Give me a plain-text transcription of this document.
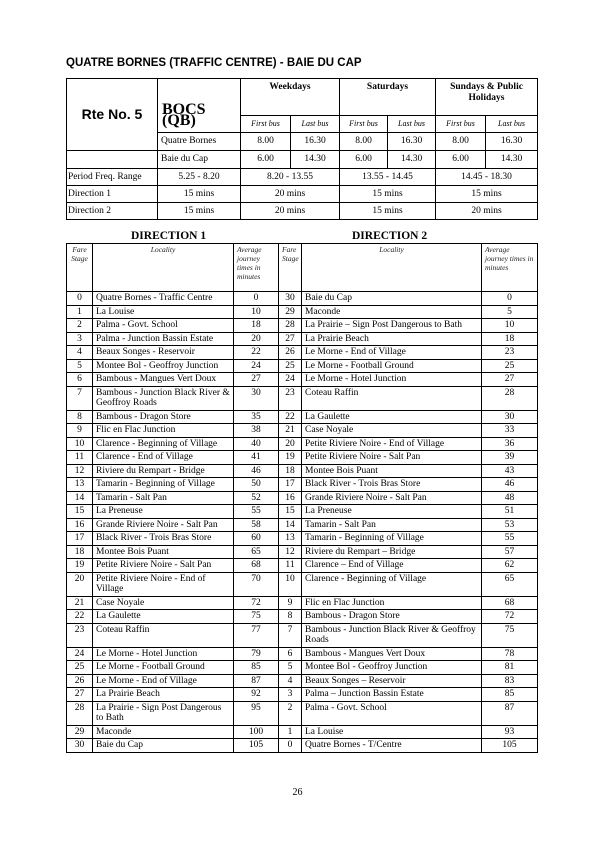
QUATRE BORNES (TRAFFIC CENTRE) - BAIE DU CAP
Rte No. 5	BOCS (QB)	Weekdays		Saturdays		Sundays & Public Holidays	
		First bus	Last bus	First bus	Last bus	First bus	Last bus
	Quatre Bornes	8.00	16.30	8.00	16.30	8.00	16.30
	Baie du Cap	6.00	14.30	6.00	14.30	6.00	14.30
Period Freq. Range	5.25 - 8.20	8.20 - 13.55		13.55 - 14.45		14.45 - 18.30	
Direction 1	15 mins	20 mins		15 mins		15 mins	
Direction 2	15 mins	20 mins		15 mins		20 mins	
DIRECTION 1	DIRECTION 2
Fare Stage	Locality	Average journey times in minutes	Fare Stage	Locality	Average journey times in minutes
0	Quatre Bornes - Traffic Centre	0	30	Baie du Cap	0
1	La Louise	10	29	Maconde	5
2	Palma - Govt. School	18	28	La Prairie – Sign Post Dangerous to Bath	10
3	Palma - Junction Bassin Estate	20	27	La Prairie Beach	18
4	Beaux Songes - Reservoir	22	26	Le Morne - End of Village	23
5	Montee Bol - Geoffroy Junction	24	25	Le Morne - Football Ground	25
6	Bambous - Mangues Vert Doux	27	24	Le Morne - Hotel Junction	27
7	Bambous - Junction Black River & Geoffroy Roads	30	23	Coteau Raffin	28
8	Bambous - Dragon Store	35	22	La Gaulette	30
9	Flic en Flac Junction	38	21	Case Noyale	33
10	Clarence - Beginning of Village	40	20	Petite Riviere Noire - End of Village	36
11	Clarence - End of Village	41	19	Petite Riviere Noire - Salt Pan	39
12	Riviere du Rempart - Bridge	46	18	Montee Bois Puant	43
13	Tamarin - Beginning of Village	50	17	Black River - Trois Bras Store	46
14	Tamarin - Salt Pan	52	16	Grande Riviere Noire - Salt Pan	48
15	La Preneuse	55	15	La Preneuse	51
16	Grande Riviere Noire - Salt Pan	58	14	Tamarin - Salt Pan	53
17	Black River - Trois Bras Store	60	13	Tamarin - Beginning of Village	55
18	Montee Bois Puant	65	12	Riviere du Rempart – Bridge	57
19	Petite Riviere Noire - Salt Pan	68	11	Clarence – End of Village	62
20	Petite Riviere Noire - End of Village	70	10	Clarence - Beginning of Village	65
21	Case Noyale	72	9	Flic en Flac Junction	68
22	La Gaulette	75	8	Bambous - Dragon Store	72
23	Coteau Raffin	77	7	Bambous - Junction Black River & Geoffroy Roads	75
24	Le Morne - Hotel Junction	79	6	Bambous - Mangues Vert Doux	78
25	Le Morne - Football Ground	85	5	Montee Bol - Geoffroy Junction	81
26	Le Morne - End of Village	87	4	Beaux Songes – Reservoir	83
27	La Prairie Beach	92	3	Palma – Junction Bassin Estate	85
28	La Prairie - Sign Post Dangerous to Bath	95	2	Palma - Govt. School	87
29	Maconde	100	1	La Louise	93
30	Baie du Cap	105	0	Quatre Bornes - T/Centre	105
26
